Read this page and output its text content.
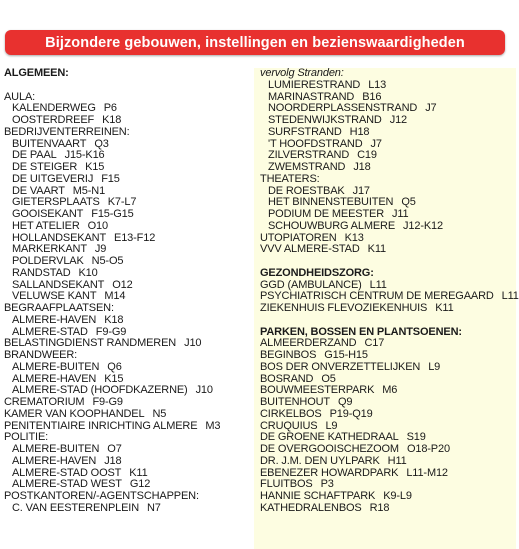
Bijzondere gebouwen, instellingen en bezienswaardigheden
ALGEMEEN:
AULA:
KALENDERWEG P6
OOSTERDREEF K18
BEDRIJVENTERREINEN:
BUITENVAART Q3
DE PAAL J15-K16
DE STEIGER K15
DE UITGEVERIJ F15
DE VAART M5-N1
GIETERSPLAATS K7-L7
GOOISEKANT F15-G15
HET ATELIER O10
HOLLANDSEKANT E13-F12
MARKERKANT J9
POLDERVLAK N5-O5
RANDSTAD K10
SALLANDSEKANT O12
VELUWSE KANT M14
BEGRAAFPLAATSEN:
ALMERE-HAVEN K18
ALMERE-STAD F9-G9
BELASTINGDIENST RANDMEREN J10
BRANDWEER:
ALMERE-BUITEN Q6
ALMERE-HAVEN K15
ALMERE-STAD (HOOFDKAZERNE) J10
CREMATORIUM F9-G9
KAMER VAN KOOPHANDEL N5
PENITENTIAIRE INRICHTING ALMERE M3
POLITIE:
ALMERE-BUITEN O7
ALMERE-HAVEN J18
ALMERE-STAD OOST K11
ALMERE-STAD WEST G12
POSTKANTOREN/-AGENTSCHAPPEN:
C. VAN EESTERENPLEIN N7
vervolg Stranden:
LUMIERESTRAND L13
MARINASTRAND B16
NOORDERPLASSENSTRAND J7
STEDENWIJKSTRAND J12
SURFSTRAND H18
'T HOOFDSTRAND J7
ZILVERSTRAND C19
ZWEMSTRAND J18
THEATERS:
DE ROESTBAK J17
HET BINNENSTEBUITEN Q5
PODIUM DE MEESTER J11
SCHOUWBURG ALMERE J12-K12
UTOPIATOREN K13
VVV ALMERE-STAD K11
GEZONDHEIDSZORG:
GGD (AMBULANCE) L11
PSYCHIATRISCH CENTRUM DE MEREGAARD L11
ZIEKENHUIS FLEVOZIEKENHUIS K11
PARKEN, BOSSEN EN PLANTSOENEN:
ALMEERDERZAND C17
BEGINBOS G15-H15
BOS DER ONVERZETTELIJKEN L9
BOSRAND O5
BOUWMEESTERPARK M6
BUITENHOUT Q9
CIRKELBOS P19-Q19
CRUQUIUS L9
DE GROENE KATHEDRAAL S19
DE OVERGOOISCHEZOOM O18-P20
DR. J.M. DEN UYLPARK H11
EBENEZER HOWARDPARK L11-M12
FLUITBOS P3
HANNIE SCHAFTPARK K9-L9
KATHEDRALENBOS R18
